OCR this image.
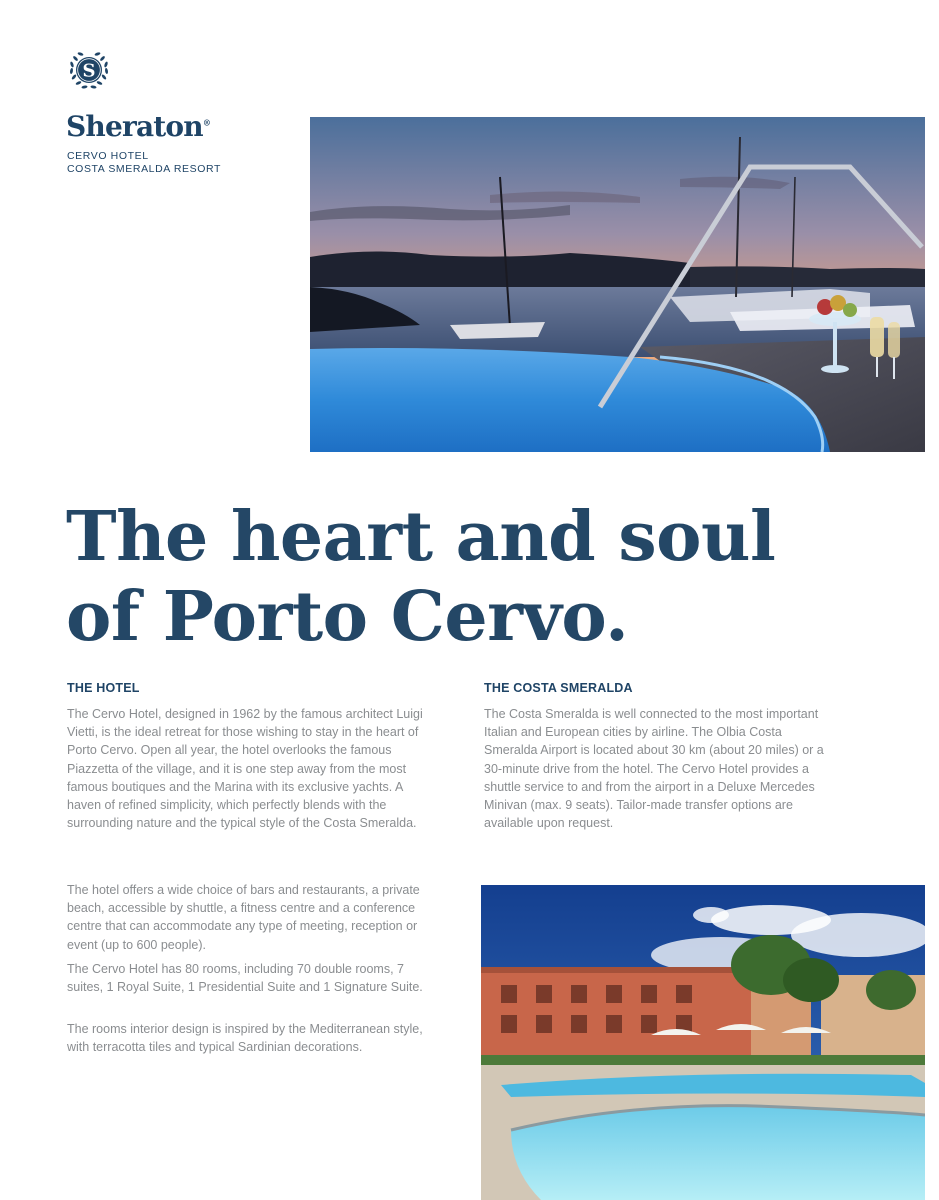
S
Sheraton®
CERVO HOTEL
COSTA SMERALDA RESORT
The heart and soul
of Porto Cervo.
THE HOTEL

The Cervo Hotel, designed in 1962 by the famous architect Luigi Vietti, is the ideal retreat for those wishing to stay in the heart of Porto Cervo. Open all year, the hotel overlooks the famous Piazzetta of the village, and it is one step away from the most famous boutiques and the Marina with its exclusive yachts. A haven of refined simplicity, which perfectly blends with the surrounding nature and the typical style of the Costa Smeralda.

THE COSTA SMERALDA

The Costa Smeralda is well connected to the most important Italian and European cities by airline. The Olbia Costa Smeralda Airport is located about 30 km (about 20 miles) or a 30-minute drive from the hotel. The Cervo Hotel provides a shuttle service to and from the airport in a Deluxe Mercedes Minivan (max. 9 seats). Tailor-made transfer options are available upon request.

The hotel offers a wide choice of bars and restaurants, a private beach, accessible by shuttle, a fitness centre and a conference centre that can accommodate any type of meeting, reception or event (up to 600 people).

The Cervo Hotel has 80 rooms, including 70 double rooms, 7 suites, 1 Royal Suite, 1 Presidential Suite and 1 Signature Suite.

The rooms interior design is inspired by the Mediterranean style, with terracotta tiles and typical Sardinian decorations.
